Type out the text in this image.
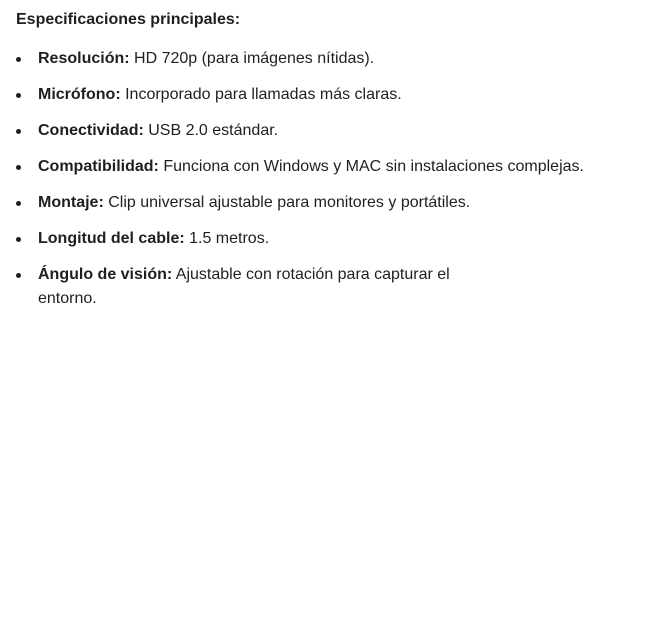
Especificaciones principales:

Resolución: HD 720p (para imágenes nítidas).
Micrófono: Incorporado para llamadas más claras.
Conectividad: USB 2.0 estándar.
Compatibilidad: Funciona con Windows y MAC sin instalaciones complejas.
Montaje: Clip universal ajustable para monitores y portátiles.
Longitud del cable: 1.5 metros.
Ángulo de visión: Ajustable con rotación para capturar el entorno.
